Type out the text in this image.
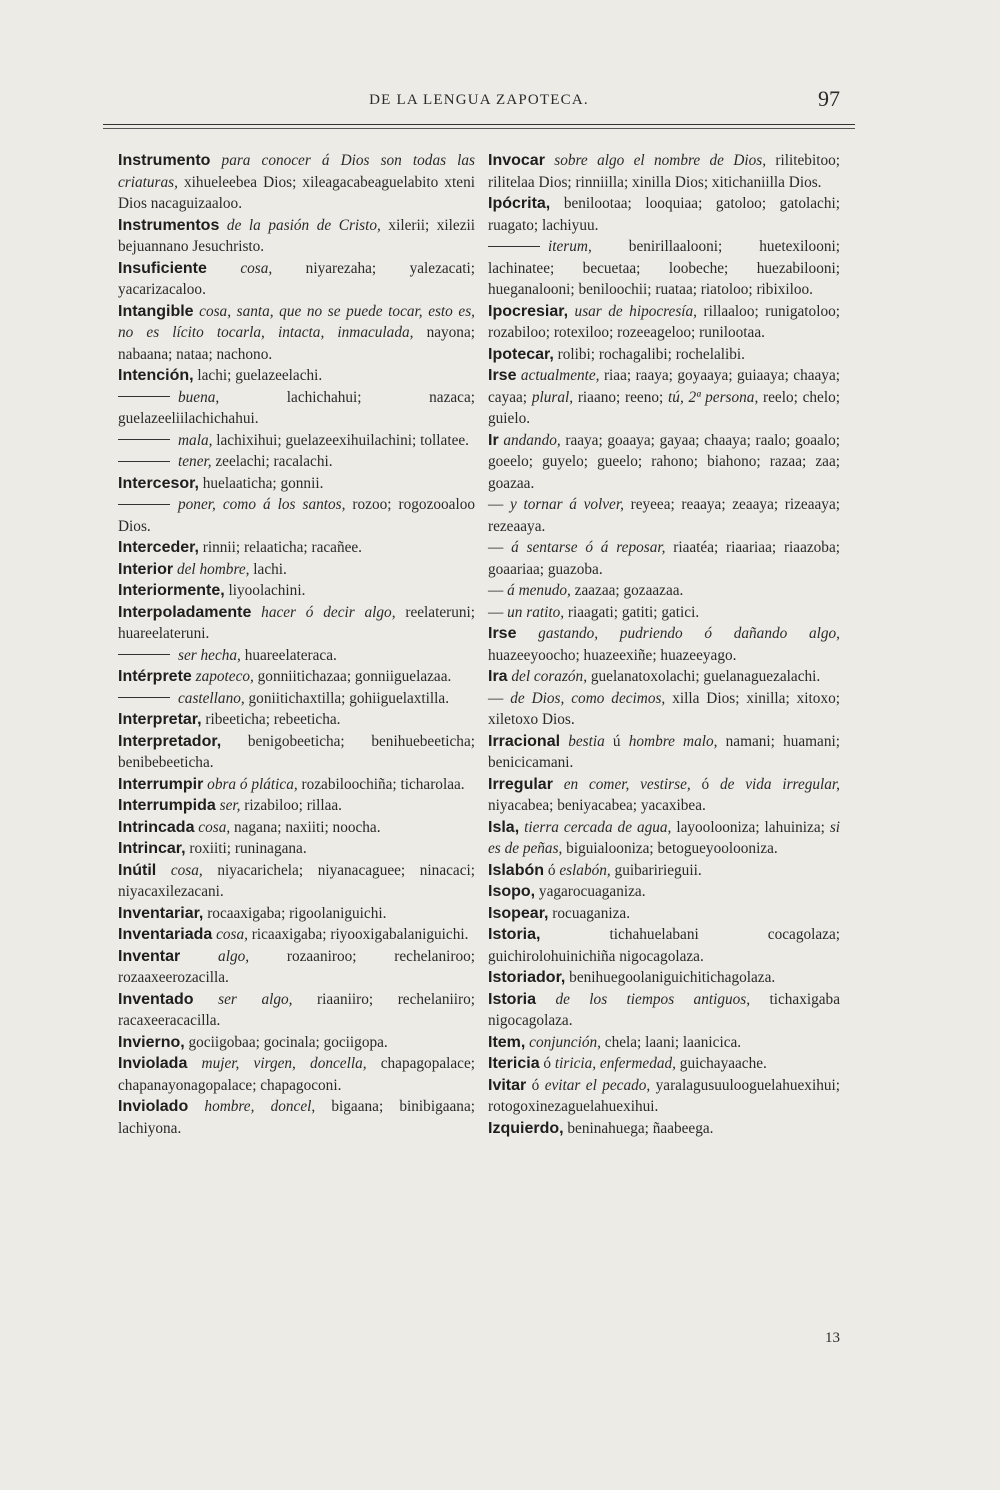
DE LA LENGUA ZAPOTECA.	97

Instrumento para conocer á Dios son todas las criaturas, xihueleebea Dios; xileagacabeaguelabito xteni Dios nacaguizaaloo.

Instrumentos de la pasión de Cristo, xilerii; xilezii bejuannano Jesuchristo.

Insuficiente cosa, niyarezaha; yalezacati; yacarizacaloo.

Intangible cosa, santa, que no se puede tocar, esto es, no es lícito tocarla, intacta, inmaculada, nayona; nabaana; nataa; nachono.

Intención, lachi; guelazeelachi.

buena, lachichahui; nazaca; guelazeeliilachichahui.

mala, lachixihui; guelazeexihuilachini; tollatee.

tener, zeelachi; racalachi.

Intercesor, huelaaticha; gonnii.

poner, como á los santos, rozoo; rogozooaloo Dios.

Interceder, rinnii; relaaticha; racañee.

Interior del hombre, lachi.

Interiormente, liyoolachini.

Interpoladamente hacer ó decir algo, reelateruni; huareelateruni.

ser hecha, huareelateraca.

Intérprete zapoteco, gonniitichazaa; gonniiguelazaa.

castellano, goniitichaxtilla; gohiiguelaxtilla.

Interpretar, ribeeticha; rebeeticha.

Interpretador, benigobeeticha; benihuebeeticha; benibebeeticha.

Interrumpir obra ó plática, rozabiloochiña; ticharolaa.

Interrumpida ser, rizabiloo; rillaa.

Intrincada cosa, nagana; naxiiti; noocha.

Intrincar, roxiiti; runinagana.

Inútil cosa, niyacarichela; niyanacaguee; ninacaci; niyacaxilezacani.

Inventariar, rocaaxigaba; rigoolaniguichi.

Inventariada cosa, ricaaxigaba; riyooxigabalaniguichi.

Inventar algo, rozaaniroo; rechelaniroo; rozaaxeerozacilla.

Inventado ser algo, riaaniiro; rechelaniiro; racaxeeracacilla.

Invierno, gociigobaa; gocinala; gociigopa.

Inviolada mujer, virgen, doncella, chapagopalace; chapanayonagopalace; chapagoconi.

Inviolado hombre, doncel, bigaana; binibigaana; lachiyona.

Invocar sobre algo el nombre de Dios, rilitebitoo; rilitelaa Dios; rinniilla; xinilla Dios; xitichaniilla Dios.

Ipócrita, benilootaa; looquiaa; gatoloo; gatolachi; ruagato; lachiyuu.

iterum, benirillaalooni; huetexilooni; lachinatee; becuetaa; loobeche; huezabilooni; hueganalooni; beniloochii; ruataa; riatoloo; ribixiloo.

Ipocresiar, usar de hipocresía, rillaaloo; runigatoloo; rozabiloo; rotexiloo; rozeeageloo; runilootaa.

Ipotecar, rolibi; rochagalibi; rochelalibi.

Irse actualmente, riaa; raaya; goyaaya; guiaaya; chaaya; cayaa; plural, riaano; reeno; tú, 2ª persona, reelo; chelo; guielo.

Ir andando, raaya; goaaya; gayaa; chaaya; raalo; goaalo; goeelo; guyelo; gueelo; rahono; biahono; razaa; zaa; goazaa.

— y tornar á volver, reyeea; reaaya; zeaaya; rizeaaya; rezeaaya.

— á sentarse ó á reposar, riaatéa; riaariaa; riaazoba; goaariaa; guazoba.

— á menudo, zaazaa; gozaazaa.

— un ratito, riaagati; gatiti; gatici.

Irse gastando, pudriendo ó dañando algo, huazeeyoocho; huazeexiñe; huazeeyago.

Ira del corazón, guelanatoxolachi; guelanaguezalachi.

— de Dios, como decimos, xilla Dios; xinilla; xitoxo; xiletoxo Dios.

Irracional bestia ú hombre malo, namani; huamani; benicicamani.

Irregular en comer, vestirse, ó de vida irregular, niyacabea; beniyacabea; yacaxibea.

Isla, tierra cercada de agua, layoolooniza; lahuiniza; si es de peñas, biguialooniza; betogueyoolooniza.

Islabón ó eslabón, guibaririeguii.

Isopo, yagarocuaganiza.

Isopear, rocuaganiza.

Istoria, tichahuelabani cocagolaza; guichirolohuinichiña nigocagolaza.

Istoriador, benihuegoolaniguichitichagolaza.

Istoria de los tiempos antiguos, tichaxigaba nigocagolaza.

Item, conjunción, chela; laani; laanicica.

Itericia ó tiricia, enfermedad, guichayaache.

Ivitar ó evitar el pecado, yaralagusuulooguelahuexihui; rotogoxinezaguelahuexihui.

Izquierdo, beninahuega; ñaabeega.

13
